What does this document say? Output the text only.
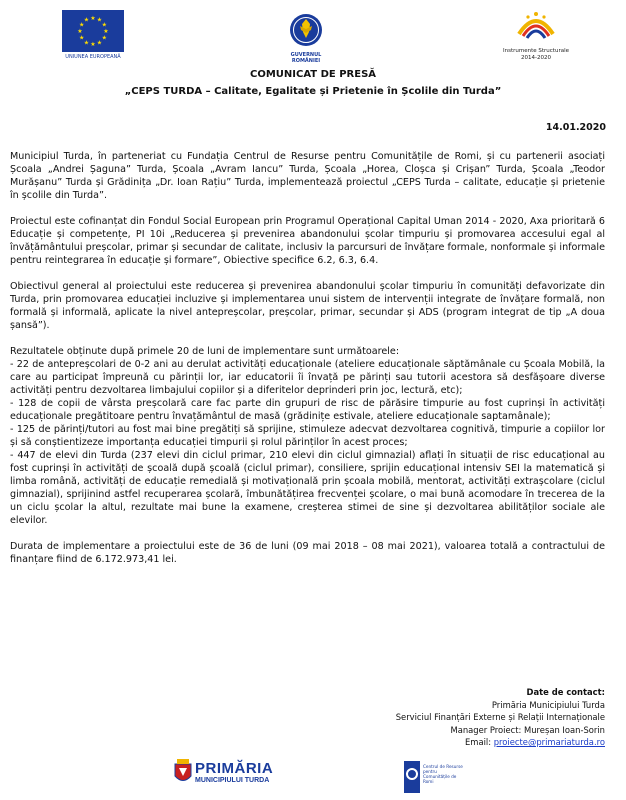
★ ★
★
★
★
★
★
★
★
★
★
★
UNIUNEA EUROPEANĂ	GUVERNUL
ROMÂNIEI
Instrumente Structurale
2014-2020
COMUNICAT DE PRESĂ
„CEPS TURDA – Calitate, Egalitate și Prietenie în Școlile din Turda”
14.01.2020

Municipiul Turda, în parteneriat cu Fundația Centrul de Resurse pentru Comunitățile de Romi, și cu partenerii asociați Școala „Andrei Șaguna” Turda, Școala „Avram Iancu” Turda, Școala „Horea, Cloșca și Crișan” Turda, Școala „Teodor Murășanu” Turda și Grădinița „Dr. Ioan Rațiu” Turda, implementează proiectul „CEPS Turda – calitate, educație și prietenie în școlile din Turda”.

Proiectul este cofinanțat din Fondul Social European prin Programul Operațional Capital Uman 2014 - 2020, Axa prioritară 6 Educație și competențe, PI 10i „Reducerea și prevenirea abandonului școlar timpuriu și promovarea accesului egal al învățământului preșcolar, primar și secundar de calitate, inclusiv la parcursuri de învățare formale, nonformale și informale pentru reintegrarea în educație și formare”, Obiective specifice 6.2, 6.3, 6.4.

Obiectivul general al proiectului este reducerea și prevenirea abandonului școlar timpuriu în comunități defavorizate din Turda, prin promovarea educației incluzive și implementarea unui sistem de intervenții integrate de învățare formală, non formală și informală, aplicate la nivel antepreșcolar, preșcolar, primar, secundar și ADS (program integrat de tip „A doua șansă”).

Rezultatele obținute după primele 20 de luni de implementare sunt următoarele:
- 22 de antepreșcolari de 0-2 ani au derulat activități educaționale (ateliere educaționale săptămânale cu Școala Mobilă, la care au participat împreună cu părinții lor, iar educatorii îi învață pe părinți sau tutorii acestora să desfășoare diverse activități pentru dezvoltarea limbajului copiilor și a diferitelor deprinderi prin joc, lectură, etc);
- 128 de copii de vârsta preșcolară care fac parte din grupuri de risc de părăsire timpurie au fost cuprinși în activități educaționale pregătitoare pentru învațământul de masă (grădinițe estivale, ateliere educaționale saptamânale);
- 125 de părinți/tutori au fost mai bine pregătiți să sprijine, stimuleze adecvat dezvoltarea cognitivă, timpurie a copiilor lor și să conștientizeze importanța educației timpurii și rolul părinților în acest proces;
- 447 de elevi din Turda (237 elevi din ciclul primar, 210 elevi din ciclul gimnazial) aflați în situații de risc educațional au fost cuprinși în activități de școală după școală (ciclul primar), consiliere, sprijin educațional intensiv SEI la matematică și limba română, activități de educație remedială și motivațională prin școala mobilă, mentorat, activități extrașcolare (ciclul gimnazial), sprijinind astfel recuperarea școlară, îmbunătățirea frecvenței școlare, o mai bună acomodare în trecerea de la un ciclu școlar la altul, rezultate mai bune la examene, creșterea stimei de sine și dezvoltarea abilităților sociale ale elevilor.

Durata de implementare a proiectului este de 36 de luni (09 mai 2018 – 08 mai 2021), valoarea totală a contractului de finanțare fiind de 6.172.973,41 lei.

Date de contact:
Primăria Municipiului Turda
Serviciul Finanțări Externe și Relații Internaționale
Manager Proiect: Mureșan Ioan-Sorin
Email: proiecte@primariaturda.ro
PRIMĂRIA
MUNICIPIULUI TURDA
Centrul de Resurse pentru Comunitățile de Romi
